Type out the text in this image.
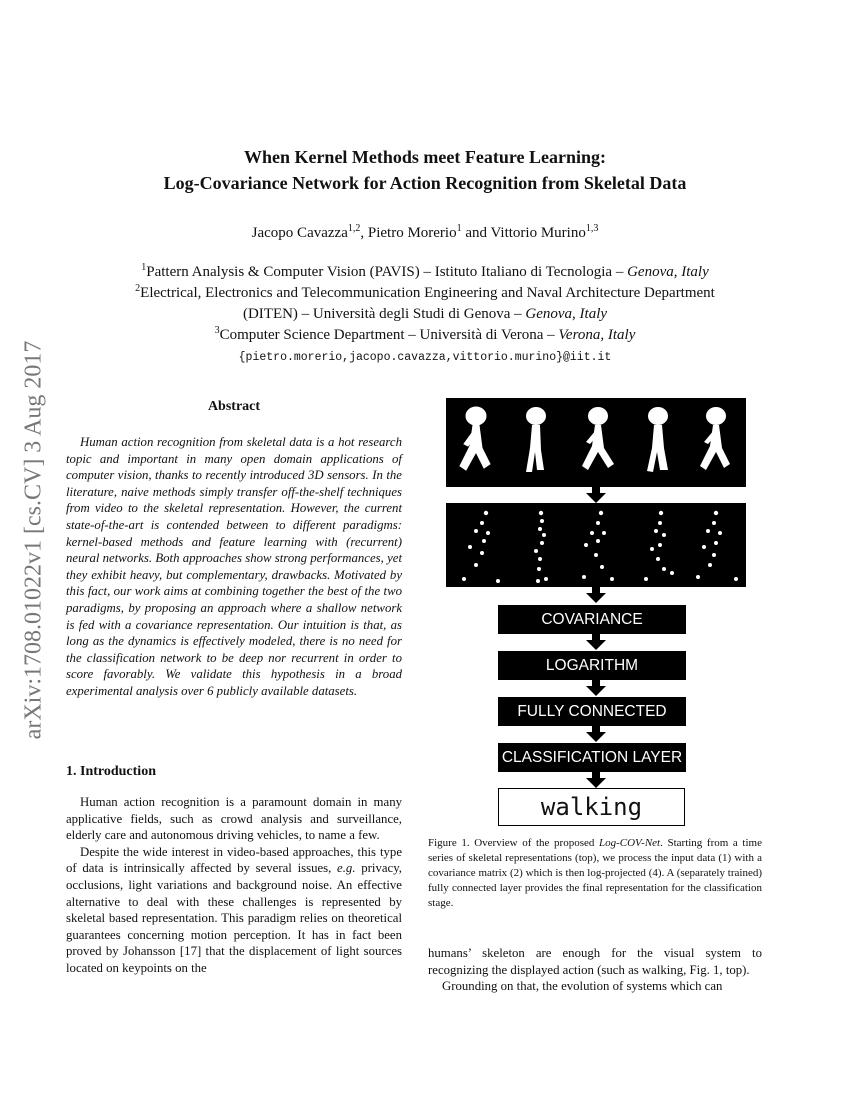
arXiv:1708.01022v1 [cs.CV] 3 Aug 2017
When Kernel Methods meet Feature Learning:
Log-Covariance Network for Action Recognition from Skeletal Data
Jacopo Cavazza$^{1,2}$, Pietro Morerio$^1$ and Vittorio Murino$^{1,3}$
$^1$Pattern Analysis & Computer Vision (PAVIS) – Istituto Italiano di Tecnologia – Genova, Italy
$^2$Electrical, Electronics and Telecommunication Engineering and Naval Architecture Department
(DITEN) – Università degli Studi di Genova – Genova, Italy
$^3$Computer Science Department – Università di Verona – Verona, Italy
{pietro.morerio,jacopo.cavazza,vittorio.murino}@iit.it
Abstract
Human action recognition from skeletal data is a hot research topic and important in many open domain applications of computer vision, thanks to recently introduced 3D sensors. In the literature, naive methods simply transfer off-the-shelf techniques from video to the skeletal representation. However, the current state-of-the-art is contended between to different paradigms: kernel-based methods and feature learning with (recurrent) neural networks. Both approaches show strong performances, yet they exhibit heavy, but complementary, drawbacks. Motivated by this fact, our work aims at combining together the best of the two paradigms, by proposing an approach where a shallow network is fed with a covariance representation. Our intuition is that, as long as the dynamics is effectively modeled, there is no need for the classification network to be deep nor recurrent in order to score favorably. We validate this hypothesis in a broad experimental analysis over 6 publicly available datasets.
1. Introduction
Human action recognition is a paramount domain in many applicative fields, such as crowd analysis and surveillance, elderly care and autonomous driving vehicles, to name a few.
Despite the wide interest in video-based approaches, this type of data is intrinsically affected by several issues, e.g. privacy, occlusions, light variations and background noise. An effective alternative to deal with these challenges is represented by skeletal based representation. This paradigm relies on theoretical guarantees concerning motion perception. It has in fact been proved by Johansson [17] that the displacement of light sources located on keypoints on the
COVARIANCE
LOGARITHM
FULLY CONNECTED
CLASSIFICATION LAYER
walking
Figure 1. Overview of the proposed Log-COV-Net. Starting from a time series of skeletal representations (top), we process the input data (1) with a covariance matrix (2) which is then log-projected (4). A (separately trained) fully connected layer provides the final representation for the classification stage.
humans’ skeleton are enough for the visual system to recognizing the displayed action (such as walking, Fig. 1, top).
Grounding on that, the evolution of systems which can
